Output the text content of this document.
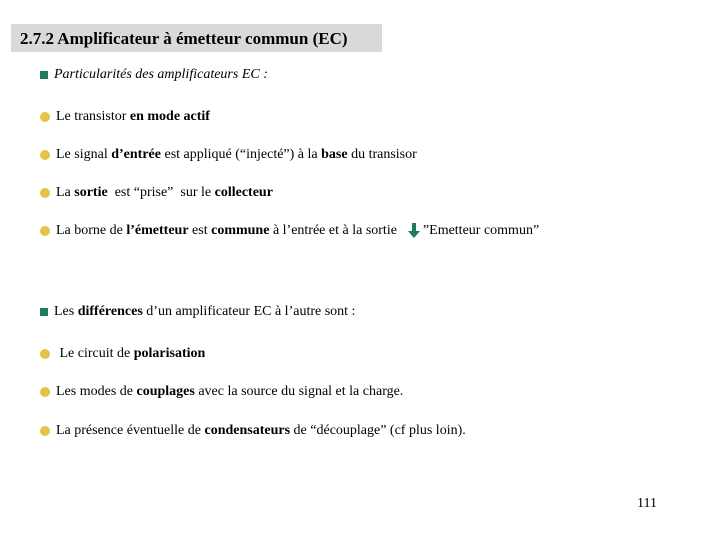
2.7.2 Amplificateur à émetteur commun (EC)
Particularités des amplificateurs EC :
Le transistor en mode actif
Le signal d’entrée est appliqué (“injecté”) à la base du transisor
La sortie est “prise”  sur le collecteur
La borne de l’émetteur est commune à l’entrée et à la sortie ”Emetteur commun”
Les différences d’un amplificateur EC à l’autre sont :
Le circuit de polarisation
Les modes de couplages avec la source du signal et la charge.
La présence éventuelle de condensateurs de “découplage” (cf plus loin).
111
